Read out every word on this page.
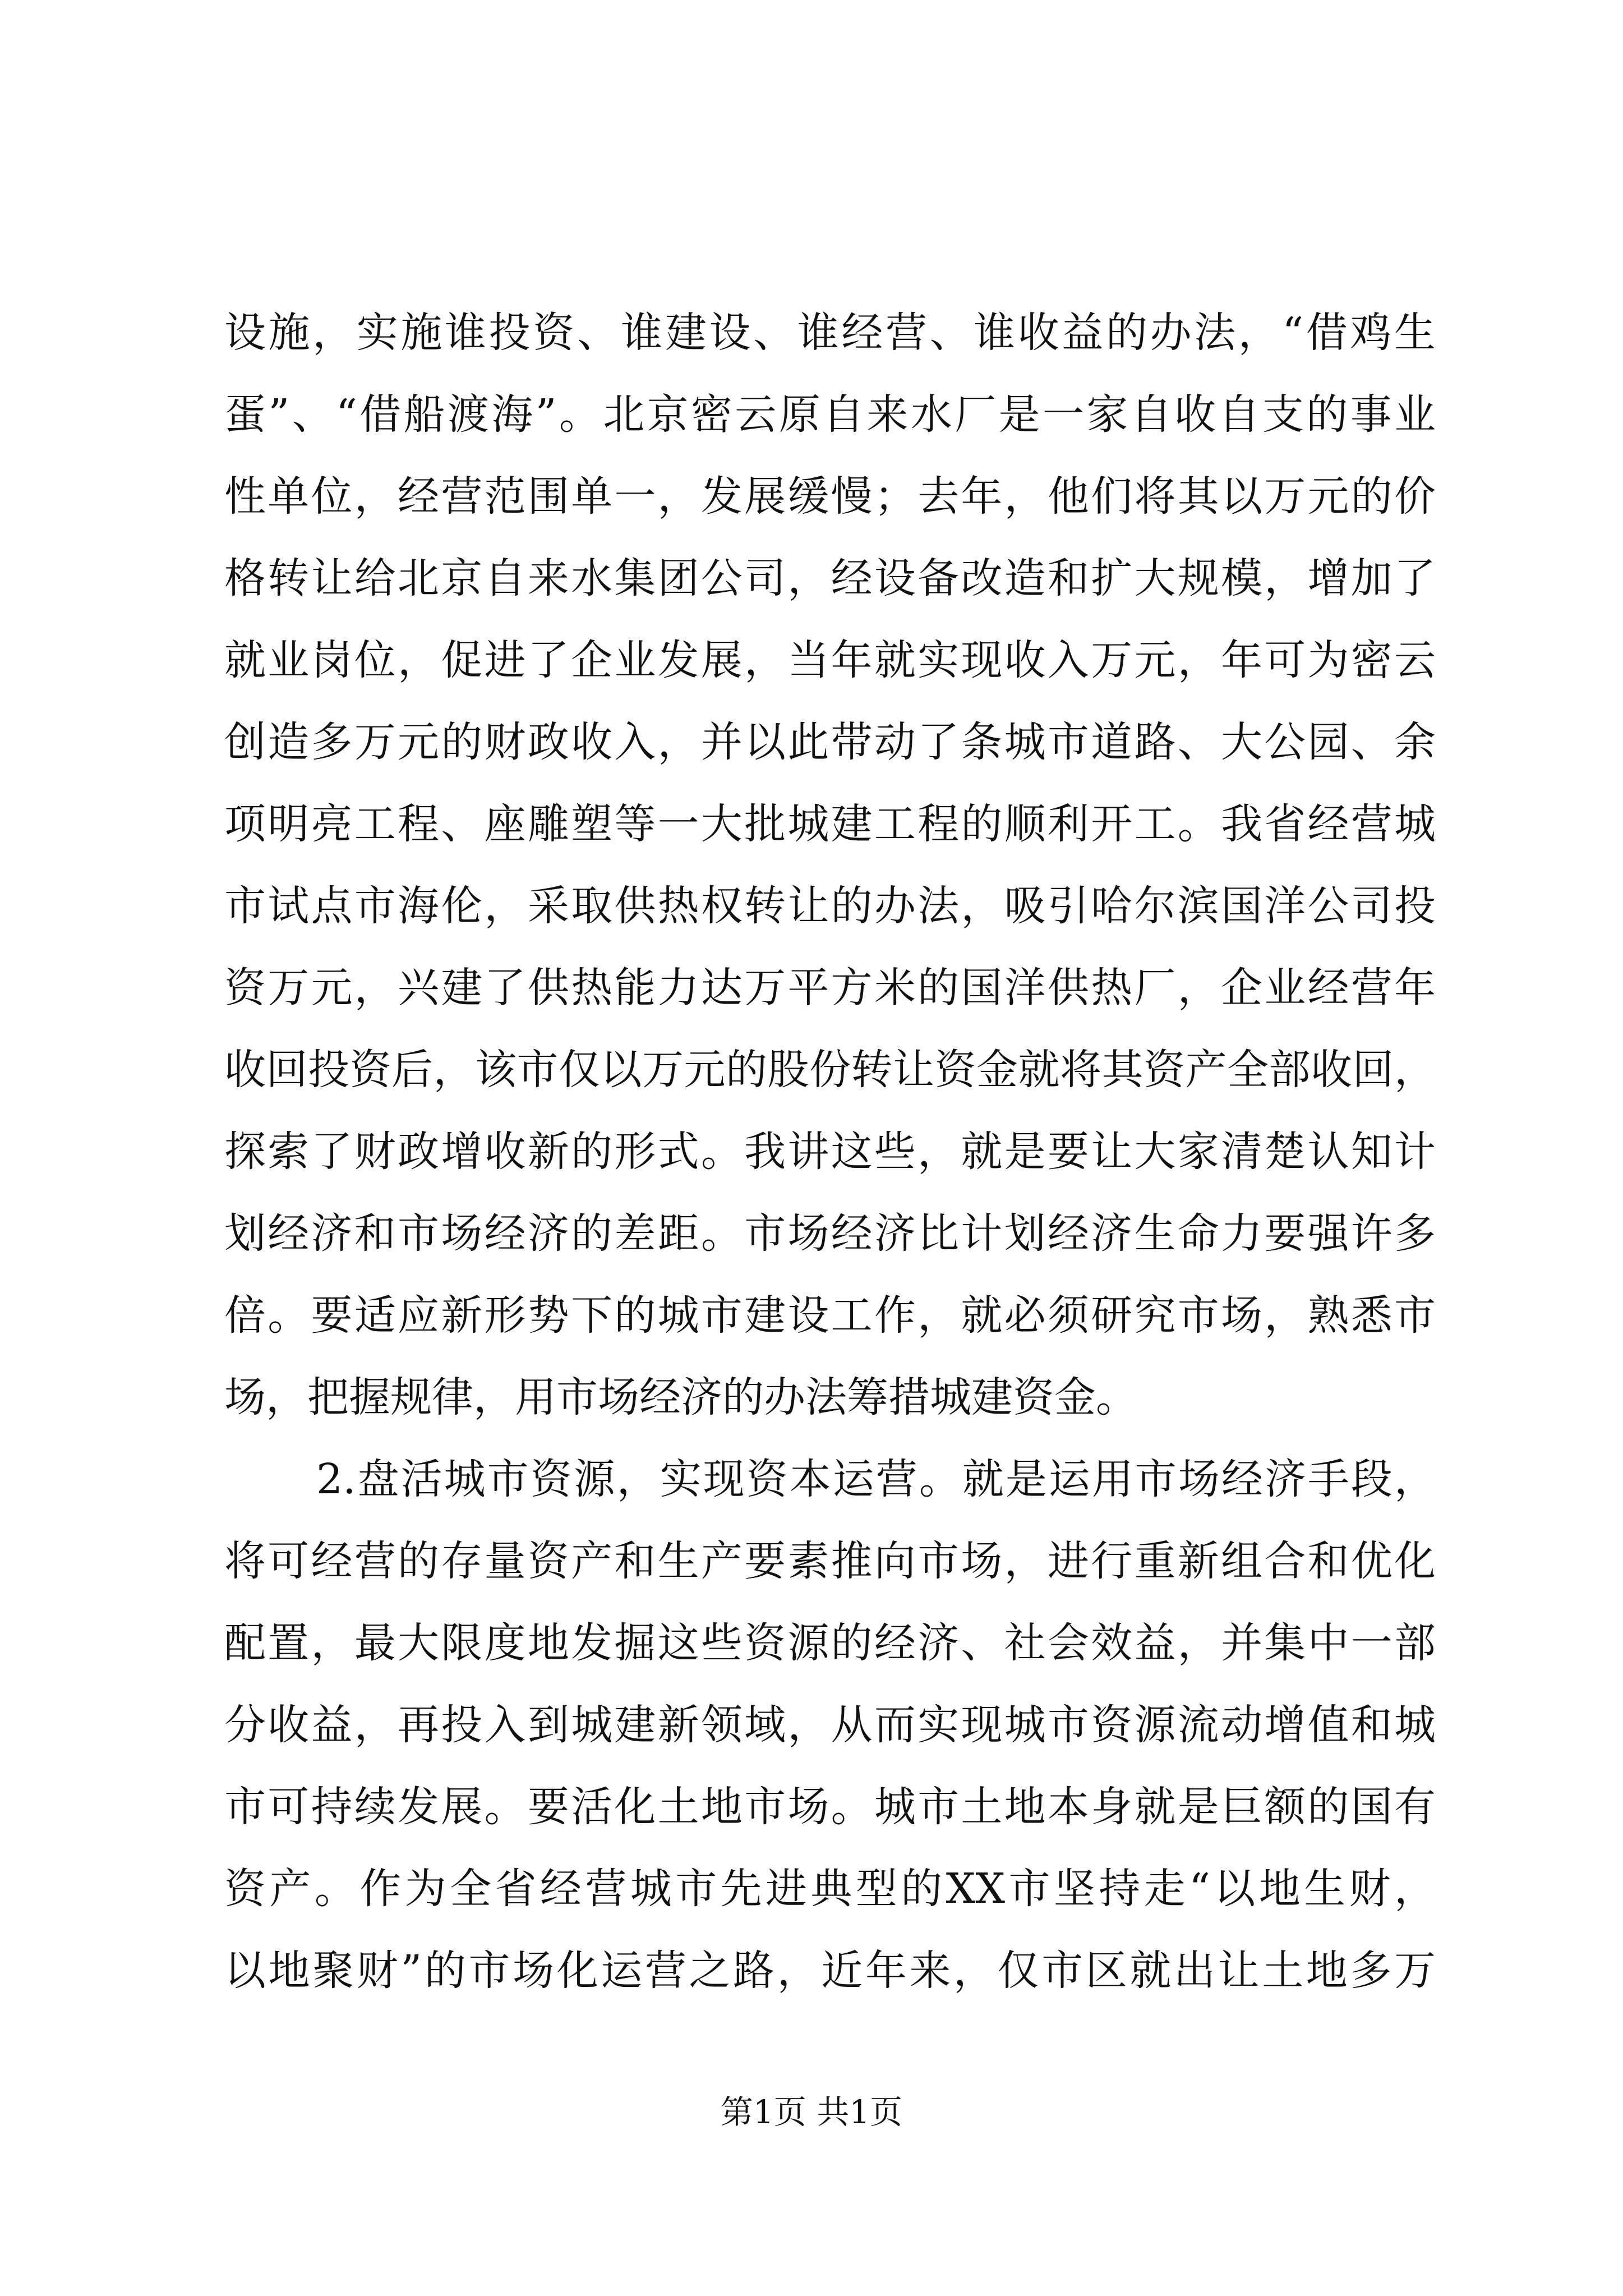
设施，实施谁投资、谁建设、谁经营、谁收益的办法，“借鸡生
蛋”、“借船渡海”。北京密云原自来水厂是一家自收自支的事业
性单位，经营范围单一，发展缓慢；去年，他们将其以万元的价
格转让给北京自来水集团公司，经设备改造和扩大规模，增加了
就业岗位，促进了企业发展，当年就实现收入万元，年可为密云
创造多万元的财政收入，并以此带动了条城市道路、大公园、余
项明亮工程、座雕塑等一大批城建工程的顺利开工。我省经营城
市试点市海伦，采取供热权转让的办法，吸引哈尔滨国洋公司投
资万元，兴建了供热能力达万平方米的国洋供热厂，企业经营年
收回投资后，该市仅以万元的股份转让资金就将其资产全部收回，
探索了财政增收新的形式。我讲这些，就是要让大家清楚认知计
划经济和市场经济的差距。市场经济比计划经济生命力要强许多
倍。要适应新形势下的城市建设工作，就必须研究市场，熟悉市
场，把握规律，用市场经济的办法筹措城建资金。
2.盘活城市资源，实现资本运营。就是运用市场经济手段，
将可经营的存量资产和生产要素推向市场，进行重新组合和优化
配置，最大限度地发掘这些资源的经济、社会效益，并集中一部
分收益，再投入到城建新领域，从而实现城市资源流动增值和城
市可持续发展。要活化土地市场。城市土地本身就是巨额的国有
资产。作为全省经营城市先进典型的XX市坚持走“以地生财，
以地聚财”的市场化运营之路，近年来，仅市区就出让土地多万
第1页 共1页
